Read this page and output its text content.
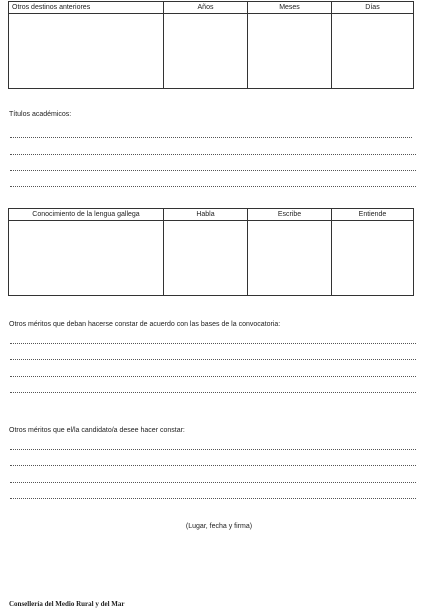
Otros destinos anteriores	Años	Meses	Días
Títulos académicos:
Conocimiento de la lengua gallega	Habla	Escribe	Entiende
Otros méritos que deban hacerse constar de acuerdo con las bases de la convocatoria:
Otros méritos que el/la candidato/a desee hacer constar:
(Lugar, fecha y firma)
Consellería del Medio Rural y del Mar
